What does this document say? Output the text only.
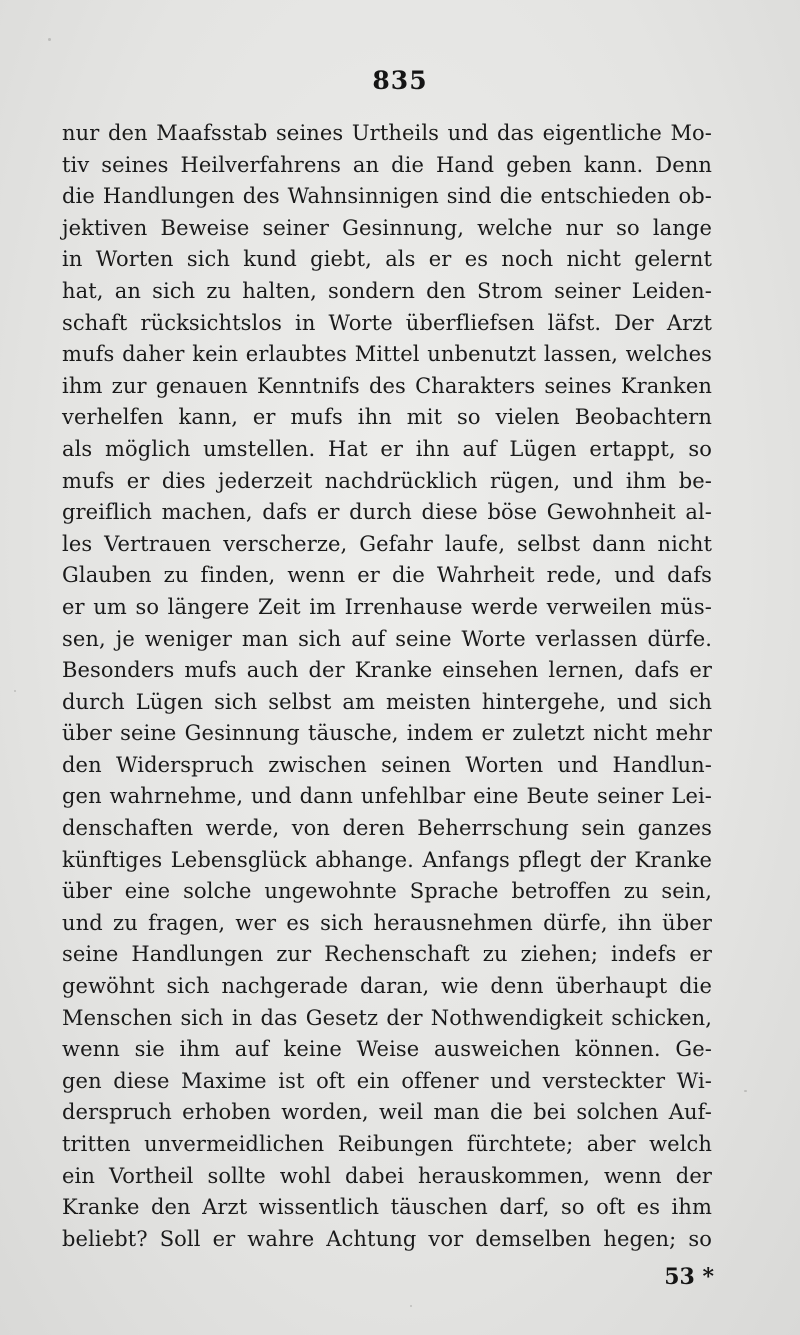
835
nur den Maafsstab seines Urtheils und das eigentliche Mo-
tiv seines Heilverfahrens an die Hand geben kann. Denn
die Handlungen des Wahnsinnigen sind die entschieden ob-
jektiven Beweise seiner Gesinnung, welche nur so lange
in Worten sich kund giebt, als er es noch nicht gelernt
hat, an sich zu halten, sondern den Strom seiner Leiden-
schaft rücksichtslos in Worte überfliefsen läfst. Der Arzt
mufs daher kein erlaubtes Mittel unbenutzt lassen, welches
ihm zur genauen Kenntnifs des Charakters seines Kranken
verhelfen kann, er mufs ihn mit so vielen Beobachtern
als möglich umstellen. Hat er ihn auf Lügen ertappt, so
mufs er dies jederzeit nachdrücklich rügen, und ihm be-
greiflich machen, dafs er durch diese böse Gewohnheit al-
les Vertrauen verscherze, Gefahr laufe, selbst dann nicht
Glauben zu finden, wenn er die Wahrheit rede, und dafs
er um so längere Zeit im Irrenhause werde verweilen müs-
sen, je weniger man sich auf seine Worte verlassen dürfe.
Besonders mufs auch der Kranke einsehen lernen, dafs er
durch Lügen sich selbst am meisten hintergehe, und sich
über seine Gesinnung täusche, indem er zuletzt nicht mehr
den Widerspruch zwischen seinen Worten und Handlun-
gen wahrnehme, und dann unfehlbar eine Beute seiner Lei-
denschaften werde, von deren Beherrschung sein ganzes
künftiges Lebensglück abhange. Anfangs pflegt der Kranke
über eine solche ungewohnte Sprache betroffen zu sein,
und zu fragen, wer es sich herausnehmen dürfe, ihn über
seine Handlungen zur Rechenschaft zu ziehen; indefs er
gewöhnt sich nachgerade daran, wie denn überhaupt die
Menschen sich in das Gesetz der Nothwendigkeit schicken,
wenn sie ihm auf keine Weise ausweichen können. Ge-
gen diese Maxime ist oft ein offener und versteckter Wi-
derspruch erhoben worden, weil man die bei solchen Auf-
tritten unvermeidlichen Reibungen fürchtete; aber welch
ein Vortheil sollte wohl dabei herauskommen, wenn der
Kranke den Arzt wissentlich täuschen darf, so oft es ihm
beliebt? Soll er wahre Achtung vor demselben hegen; so
53 *
